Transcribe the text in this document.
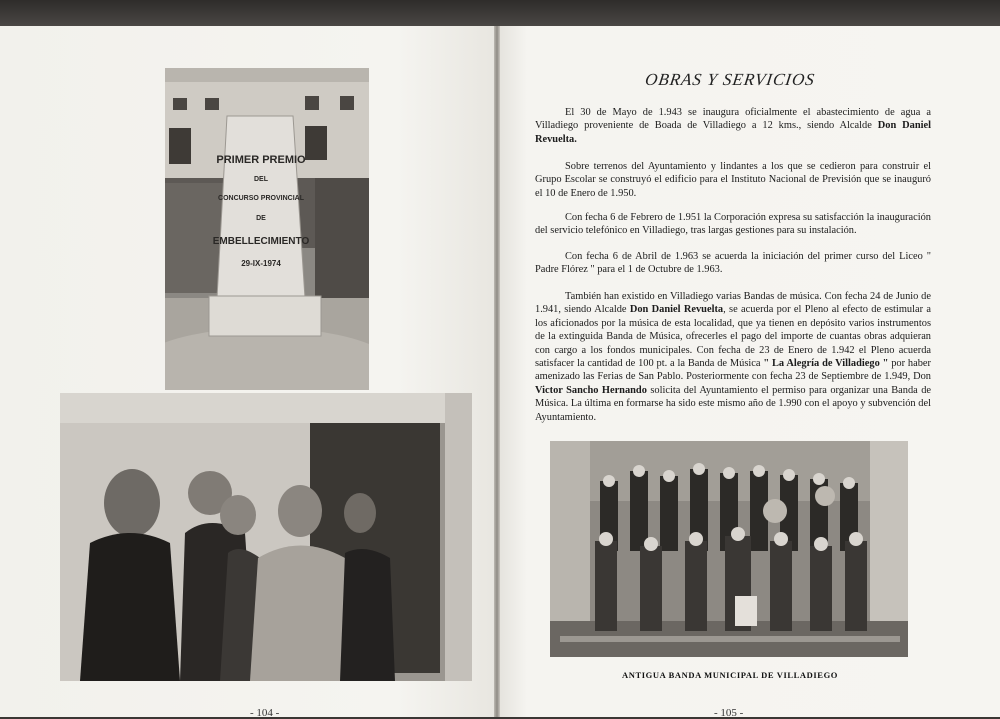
PRIMER PREMIO
DEL
CONCURSO PROVINCIAL
DE
EMBELLECIMIENTO
29-IX-1974
- 104 -
OBRAS Y SERVICIOS

El 30 de Mayo de 1.943 se inaugura oficialmente el abastecimiento de agua a Villadiego proveniente de Boada de Villadiego a 12 kms., siendo Alcalde Don Daniel Revuelta.

Sobre terrenos del Ayuntamiento y lindantes a los que se cedieron para construir el Grupo Escolar se construyó el edificio para el Instituto Nacional de Previsión que se inauguró el 10 de Enero de 1.950.

Con fecha 6 de Febrero de 1.951 la Corporación expresa su satisfacción la inauguración del servicio telefónico en Villadiego, tras largas gestiones para su instalación.

Con fecha 6 de Abril de 1.963 se acuerda la iniciación del primer curso del Liceo " Padre Flórez " para el 1 de Octubre de 1.963.

También han existido en Villadiego varias Bandas de música. Con fecha 24 de Junio de 1.941, siendo Alcalde Don Daniel Revuelta, se acuerda por el Pleno al efecto de estimular a los aficionados por la música de esta localidad, que ya tienen en depósito varios instrumentos de la extinguida Banda de Música, ofrecerles el pago del importe de cuantas obras adquieran con cargo a los fondos municipales. Con fecha de 23 de Enero de 1.942 el Pleno acuerda satisfacer la cantidad de 100 pt. a la Banda de Música " La Alegría de Villadiego " por haber amenizado las Ferias de San Pablo. Posteriormente con fecha 23 de Septiembre de 1.949, Don Victor Sancho Hernando solicita del Ayuntamiento el permiso para organizar una Banda de Música. La última en formarse ha sido este mismo año de 1.990 con el apoyo y subvención del Ayuntamiento.

ANTIGUA BANDA MUNICIPAL DE VILLADIEGO
- 105 -
